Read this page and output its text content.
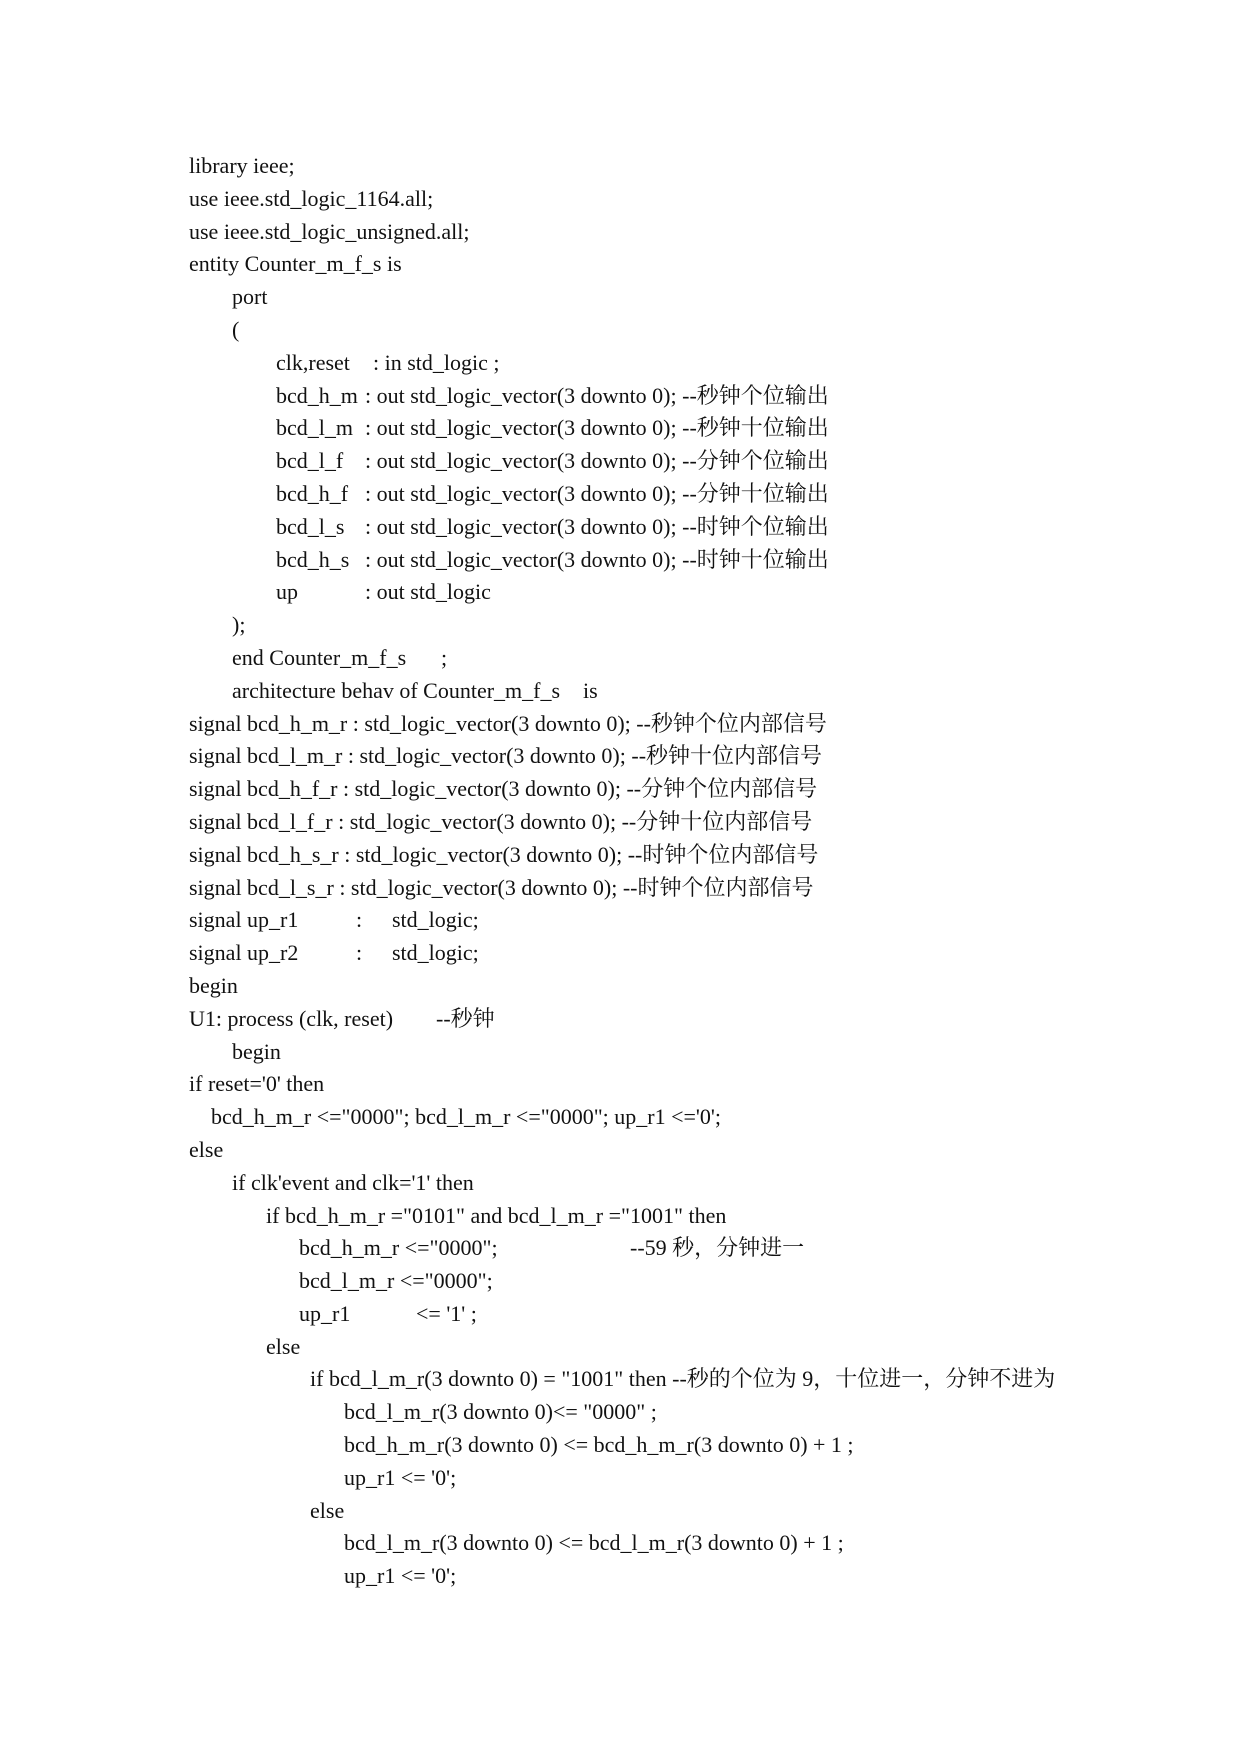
library ieee;
use ieee.std_logic_1164.all;
use ieee.std_logic_unsigned.all;
entity Counter_m_f_s is
port
(
clk,reset : in std_logic ;
bcd_h_m : out std_logic_vector(3 downto 0); --秒钟个位输出
bcd_l_m : out std_logic_vector(3 downto 0); --秒钟十位输出
bcd_l_f : out std_logic_vector(3 downto 0); --分钟个位输出
bcd_h_f : out std_logic_vector(3 downto 0); --分钟十位输出
bcd_l_s : out std_logic_vector(3 downto 0); --时钟个位输出
bcd_h_s : out std_logic_vector(3 downto 0); --时钟十位输出
up	: out std_logic
);
end Counter_m_f_s ;
architecture behav of Counter_m_f_s is
signal bcd_h_m_r : std_logic_vector(3 downto 0); --秒钟个位内部信号
signal bcd_l_m_r : std_logic_vector(3 downto 0); --秒钟十位内部信号
signal bcd_h_f_r : std_logic_vector(3 downto 0); --分钟个位内部信号
signal bcd_l_f_r : std_logic_vector(3 downto 0); --分钟十位内部信号
signal bcd_h_s_r : std_logic_vector(3 downto 0); --时钟个位内部信号
signal bcd_l_s_r : std_logic_vector(3 downto 0); --时钟个位内部信号
signal up_r1	: std_logic;
signal up_r2	: std_logic;
begin
U1: process (clk, reset) --秒钟
begin
if reset='0' then
bcd_h_m_r <="0000"; bcd_l_m_r <="0000"; up_r1 <='0';
else
if clk'event and clk='1' then
if bcd_h_m_r ="0101" and bcd_l_m_r ="1001" then
bcd_h_m_r <="0000";	--59 秒，分钟进一
bcd_l_m_r <="0000";
up_r1	<= '1' ;
else
if bcd_l_m_r(3 downto 0) = "1001" then --秒的个位为 9，十位进一，分钟不进为
bcd_l_m_r(3 downto 0)<= "0000" ;
bcd_h_m_r(3 downto 0) <= bcd_h_m_r(3 downto 0) + 1 ;
up_r1 <= '0';
else
bcd_l_m_r(3 downto 0) <= bcd_l_m_r(3 downto 0) + 1 ;
up_r1 <= '0';
